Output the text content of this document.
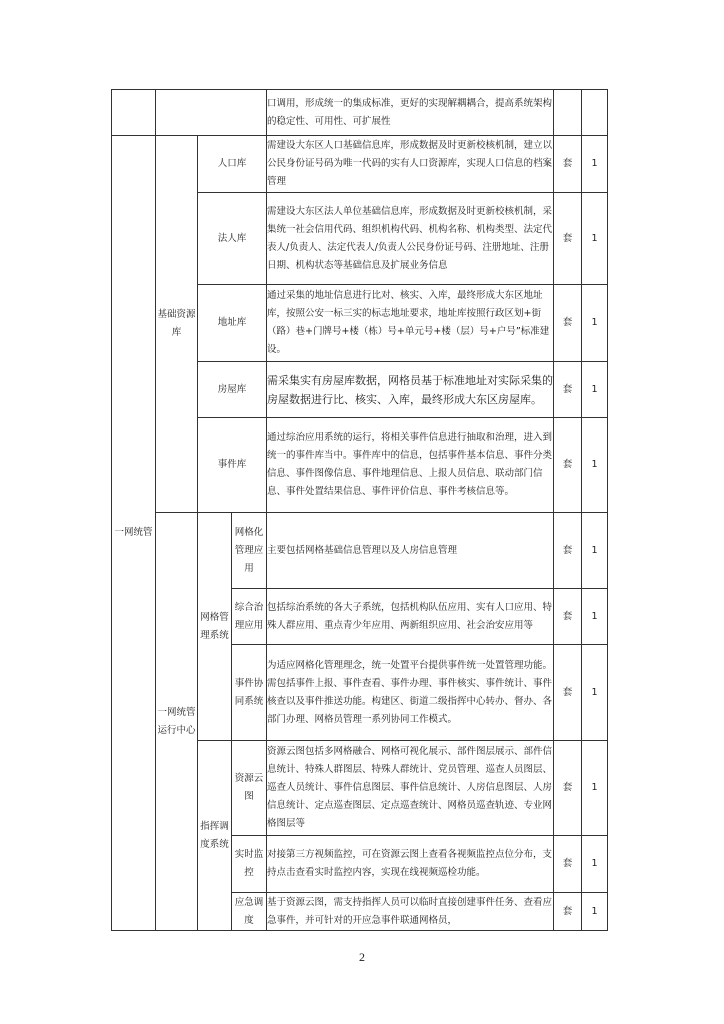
				口调用，形成统一的集成标准，更好的实现解耦耦合，提高系统架构的稳定性、可用性、可扩展性		
一网统管	基础资源库	人口库		需建设大东区人口基础信息库，形成数据及时更新校核机制，建立以公民身份证号码为唯一代码的实有人口资源库，实现人口信息的档案管理	套	1
		法人库		需建设大东区法人单位基础信息库，形成数据及时更新校核机制，采集统一社会信用代码、组织机构代码、机构名称、机构类型、法定代表人/负责人、法定代表人/负责人公民身份证号码、注册地址、注册日期、机构状态等基础信息及扩展业务信息	套	1
		地址库		通过采集的地址信息进行比对、核实、入库，最终形成大东区地址库，按照公安一标三实的标志地址要求，地址库按照行政区划+街（路）巷+门牌号+楼（栋）号+单元号+楼（层）号+户号”标准建设。	套	1
		房屋库		需采集实有房屋库数据，网格员基于标准地址对实际采集的房屋数据进行比、核实、入库，最终形成大东区房屋库。	套	1
		事件库		通过综治应用系统的运行，将相关事件信息进行抽取和治理，进入到统一的事件库当中。事件库中的信息，包括事件基本信息、事件分类信息、事件图像信息、事件地理信息、上报人员信息、联动部门信息、事件处置结果信息、事件评价信息、事件考核信息等。	套	1
	一网统管运行中心	网格管理系统	网格化管理应用	主要包括网格基础信息管理以及人房信息管理	套	1
			综合治理应用	包括综治系统的各大子系统，包括机构队伍应用、实有人口应用、特殊人群应用、重点青少年应用、两新组织应用、社会治安应用等	套	1
			事件协同系统	为适应网格化管理理念，统一处置平台提供事件统一处置管理功能。需包括事件上报、事件查看、事件办理、事件核实、事件统计、事件核查以及事件推送功能。构建区、街道二级指挥中心转办、督办、各部门办理、网格员管理一系列协同工作模式。	套	1
		指挥调度系统	资源云图	资源云图包括多网格融合、网格可视化展示、部件图层展示、部件信息统计、特殊人群图层、特殊人群统计、党员管理、巡查人员图层、巡查人员统计、事件信息图层、事件信息统计、人房信息图层、人房信息统计、定点巡查图层、定点巡查统计、网格员巡查轨迹、专业网格图层等	套	1
			实时监控	对接第三方视频监控，可在资源云图上查看各视频监控点位分布，支持点击查看实时监控内容，实现在线视频巡检功能。	套	1
			应急调度	基于资源云图，需支持指挥人员可以临时直接创建事件任务、查看应急事件，并可针对的开应急事件联通网格员，	套	1
2
